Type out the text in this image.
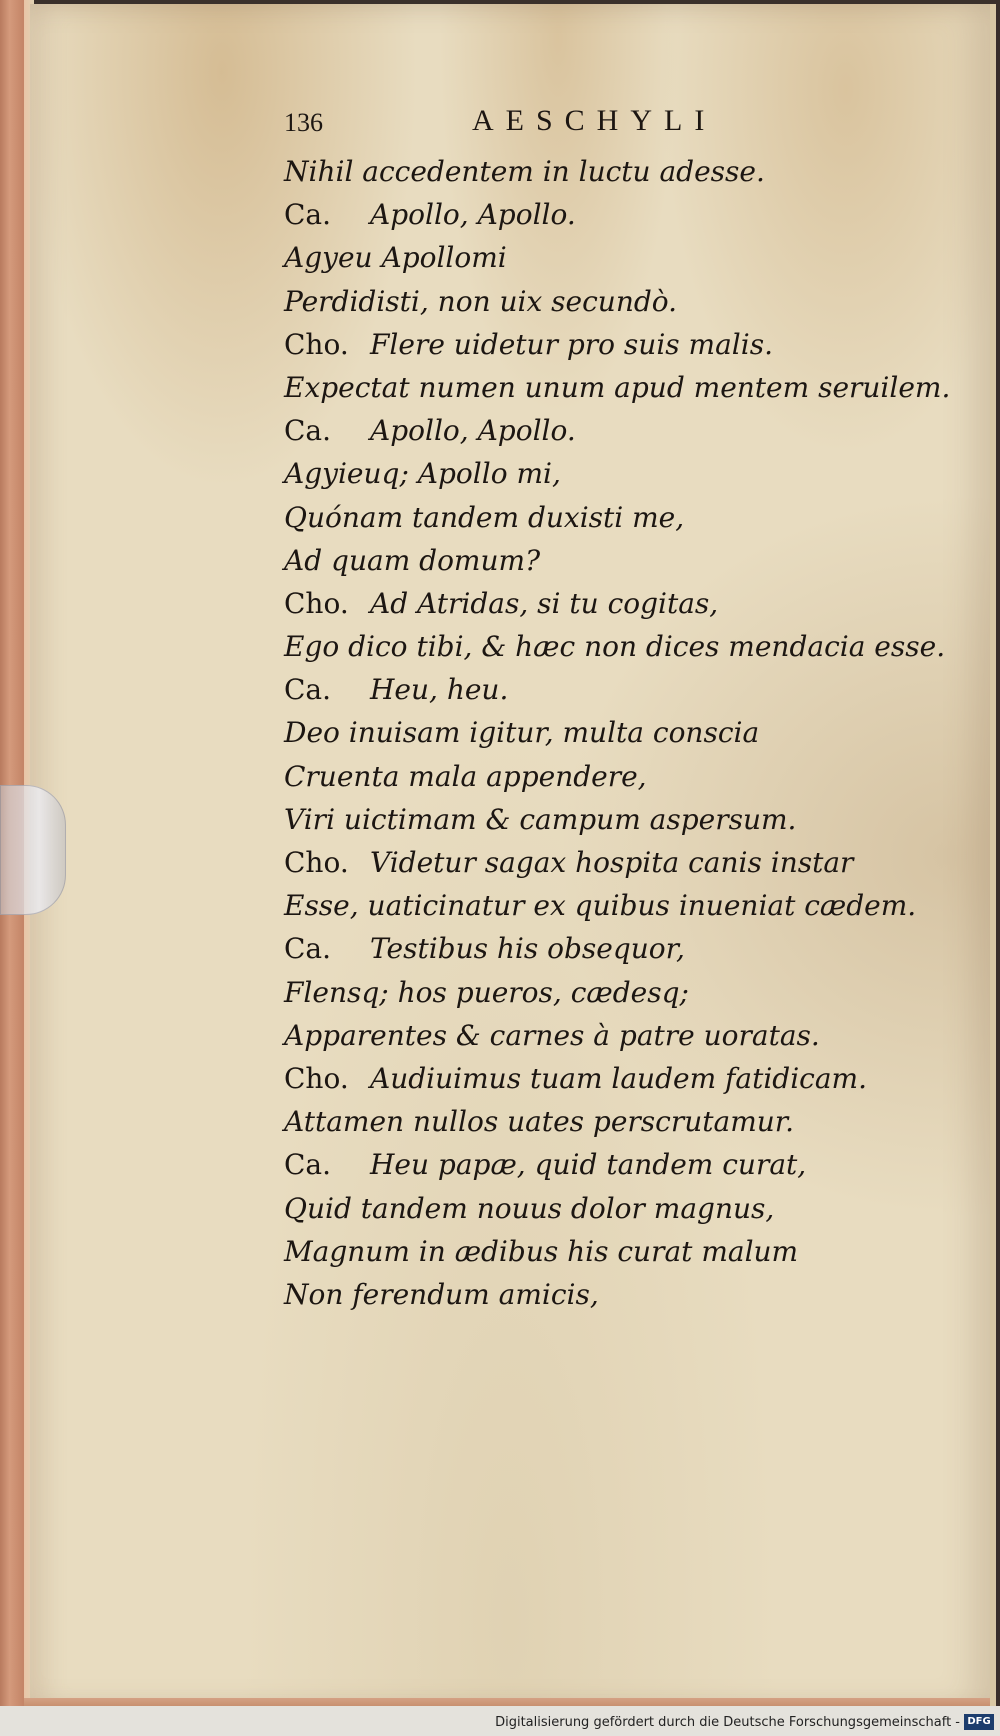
136	AESCHYLI
Nihil accedentem in luctu adesse.
Ca. Apollo, Apollo.
Agyeu Apollomi
Perdidisti, non uix secundò.
Cho. Flere uidetur pro suis malis.
Expectat numen unum apud mentem seruilem.
Ca. Apollo, Apollo.
Agyieuq; Apollo mi,
Quónam tandem duxisti me,
Ad quam domum?
Cho. Ad Atridas, si tu cogitas,
Ego dico tibi, & hæc non dices mendacia esse.
Ca. Heu, heu.
Deo inuisam igitur, multa conscia
Cruenta mala appendere,
Viri uictimam & campum aspersum.
Cho. Videtur sagax hospita canis instar
Esse, uaticinatur ex quibus inueniat cædem.
Ca. Testibus his obsequor,
Flensq; hos pueros, cædesq;
Apparentes & carnes à patre uoratas.
Cho. Audiuimus tuam laudem fatidicam.
Attamen nullos uates perscrutamur.
Ca. Heu papæ, quid tandem curat,
Quid tandem nouus dolor magnus,
Magnum in ædibus his curat malum
Non ferendum amicis,
Digitalisierung gefördert durch die Deutsche Forschungsgemeinschaft - DFG
